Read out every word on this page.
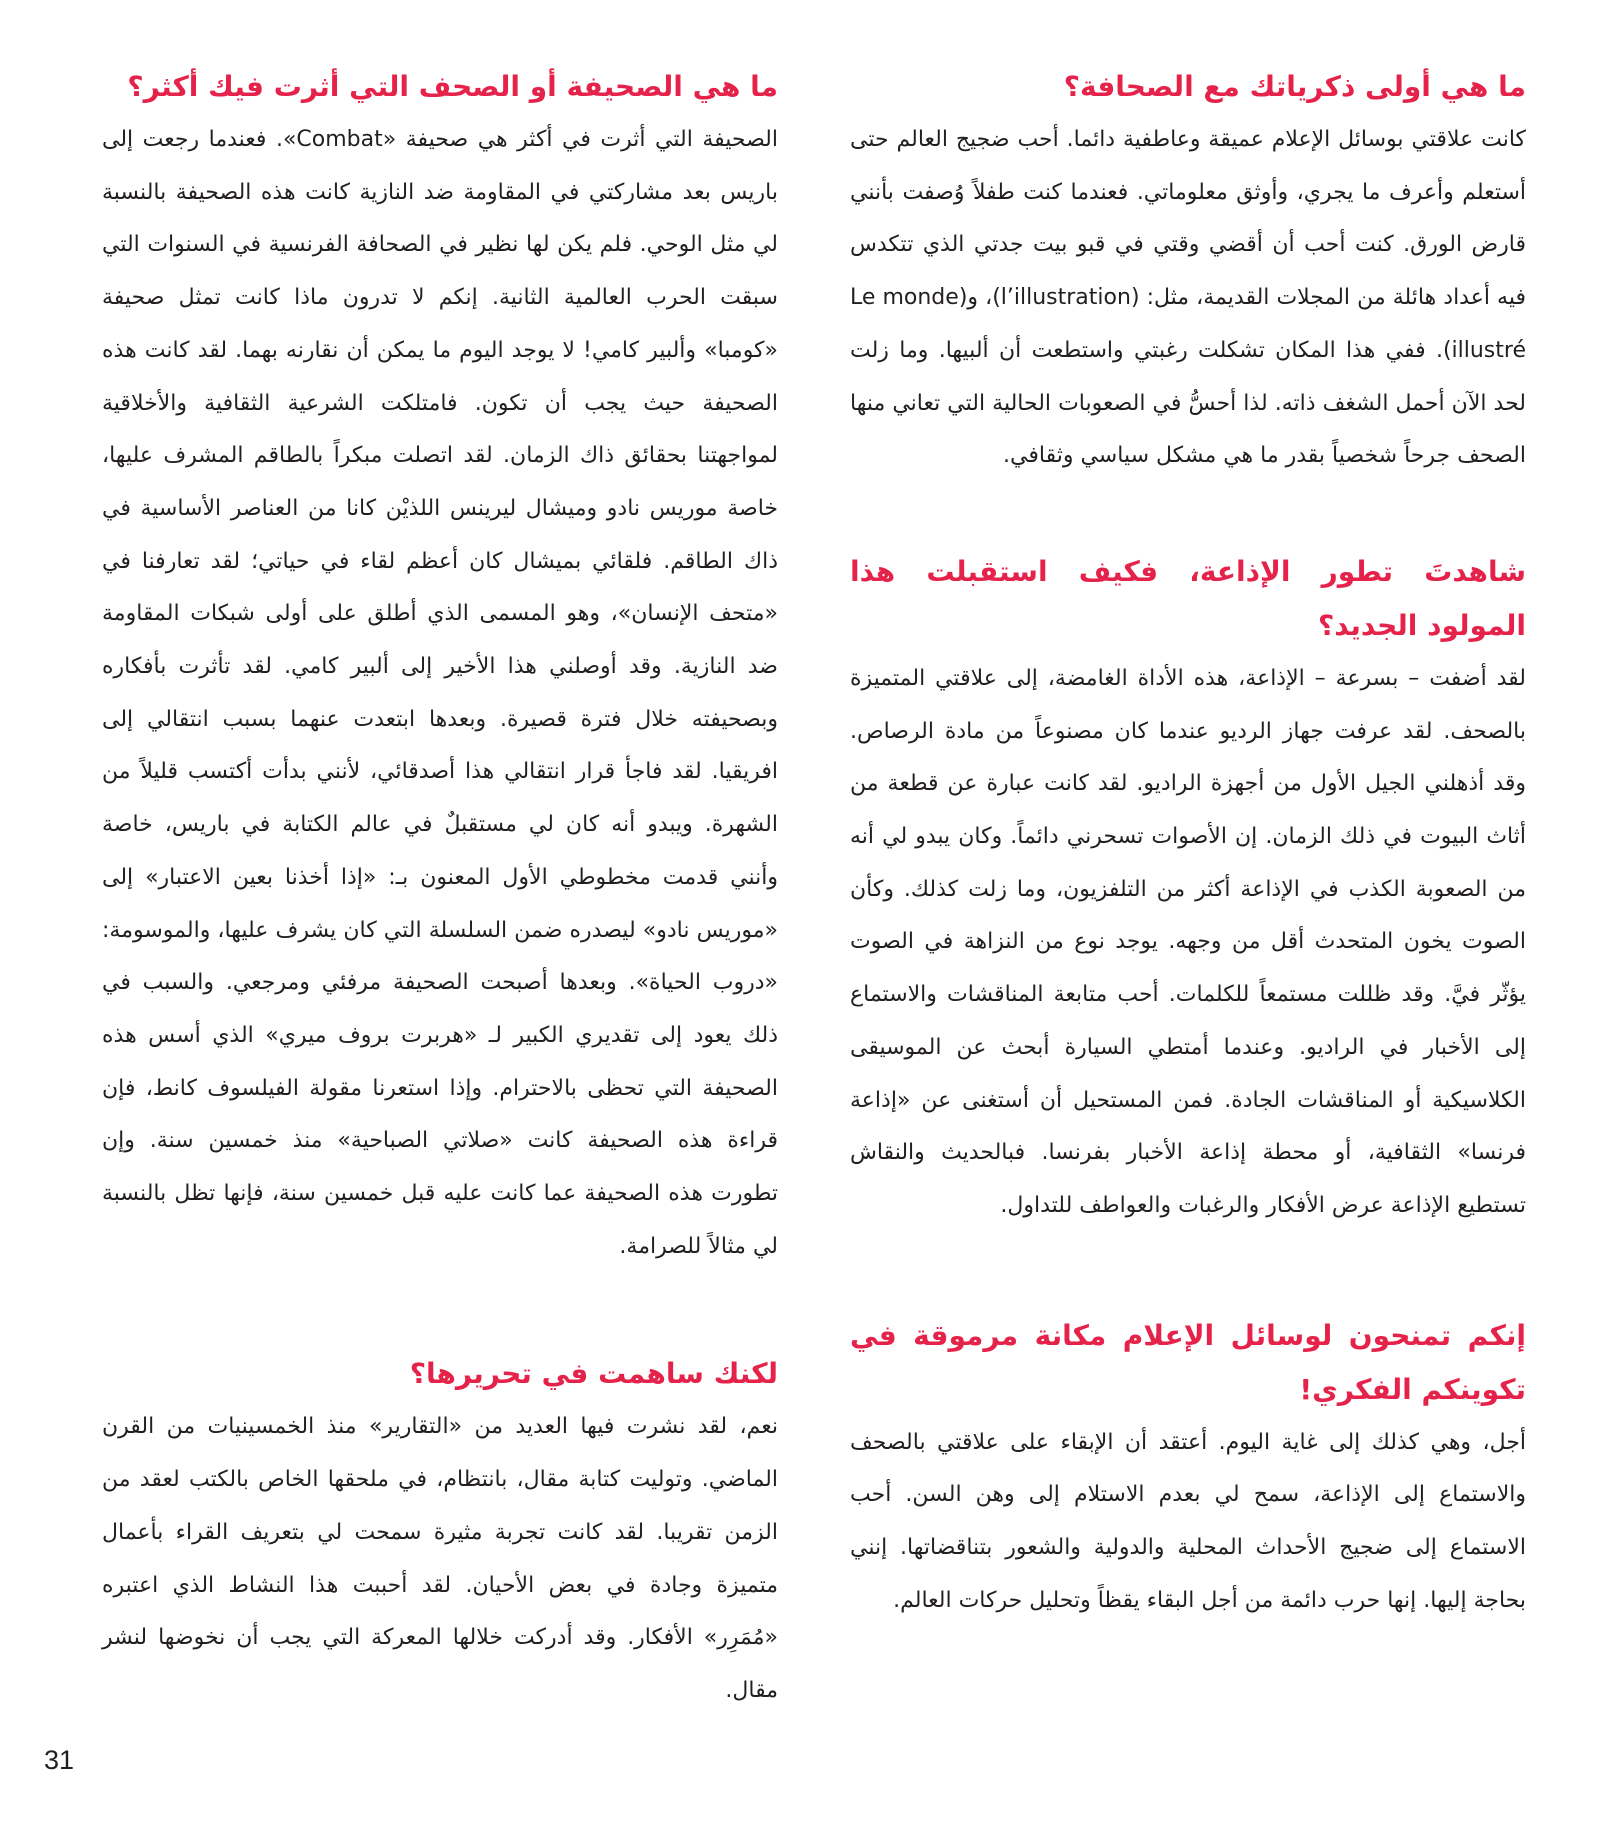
ما هي أولى ذكرياتك مع الصحافة؟

كانت علاقتي بوسائل الإعلام عميقة وعاطفية دائما. أحب ضجيج العالم حتى أستعلم وأعرف ما يجري، وأوثق معلوماتي. فعندما كنت طفلاً وُصفت بأنني قارض الورق. كنت أحب أن أقضي وقتي في قبو بيت جدتي الذي تتكدس فيه أعداد هائلة من المجلات القديمة، مثل: (l’illustration)، و(Le monde illustré). ففي هذا المكان تشكلت رغبتي واستطعت أن ألبيها. وما زلت لحد الآن أحمل الشغف ذاته. لذا أحسُّ في الصعوبات الحالية التي تعاني منها الصحف جرحاً شخصياً بقدر ما هي مشكل سياسي وثقافي.

شاهدتَ تطور الإذاعة، فكيف استقبلت هذا المولود الجديد؟

لقد أضفت – بسرعة – الإذاعة، هذه الأداة الغامضة، إلى علاقتي المتميزة بالصحف. لقد عرفت جهاز الرديو عندما كان مصنوعاً من مادة الرصاص. وقد أذهلني الجيل الأول من أجهزة الراديو. لقد كانت عبارة عن قطعة من أثاث البيوت في ذلك الزمان. إن الأصوات تسحرني دائماً. وكان يبدو لي أنه من الصعوبة الكذب في الإذاعة أكثر من التلفزيون، وما زلت كذلك. وكأن الصوت يخون المتحدث أقل من وجهه. يوجد نوع من النزاهة في الصوت يؤثّر فيَّ. وقد ظللت مستمعاً للكلمات. أحب متابعة المناقشات والاستماع إلى الأخبار في الراديو. وعندما أمتطي السيارة أبحث عن الموسيقى الكلاسيكية أو المناقشات الجادة. فمن المستحيل أن أستغنى عن «إذاعة فرنسا» الثقافية، أو محطة إذاعة الأخبار بفرنسا. فبالحديث والنقاش تستطيع الإذاعة عرض الأفكار والرغبات والعواطف للتداول.

إنكم تمنحون لوسائل الإعلام مكانة مرموقة في تكوينكم الفكري!

أجل، وهي كذلك إلى غاية اليوم. أعتقد أن الإبقاء على علاقتي بالصحف والاستماع إلى الإذاعة، سمح لي بعدم الاستلام إلى وهن السن. أحب الاستماع إلى ضجيج الأحداث المحلية والدولية والشعور بتناقضاتها. إنني بحاجة إليها. إنها حرب دائمة من أجل البقاء يقظاً وتحليل حركات العالم.

ما هي الصحيفة أو الصحف التي أثرت فيك أكثر؟

الصحيفة التي أثرت في أكثر هي صحيفة «Combat». فعندما رجعت إلى باريس بعد مشاركتي في المقاومة ضد النازية كانت هذه الصحيفة بالنسبة لي مثل الوحي. فلم يكن لها نظير في الصحافة الفرنسية في السنوات التي سبقت الحرب العالمية الثانية. إنكم لا تدرون ماذا كانت تمثل صحيفة «كومبا» وألبير كامي! لا يوجد اليوم ما يمكن أن نقارنه بهما. لقد كانت هذه الصحيفة حيث يجب أن تكون. فامتلكت الشرعية الثقافية والأخلاقية لمواجهتنا بحقائق ذاك الزمان. لقد اتصلت مبكراً بالطاقم المشرف عليها، خاصة موريس نادو وميشال ليرينس اللذيْن كانا من العناصر الأساسية في ذاك الطاقم. فلقائي بميشال كان أعظم لقاء في حياتي؛ لقد تعارفنا في «متحف الإنسان»، وهو المسمى الذي أطلق على أولى شبكات المقاومة ضد النازية. وقد أوصلني هذا الأخير إلى ألبير كامي. لقد تأثرت بأفكاره وبصحيفته خلال فترة قصيرة. وبعدها ابتعدت عنهما بسبب انتقالي إلى افريقيا. لقد فاجأ قرار انتقالي هذا أصدقائي، لأنني بدأت أكتسب قليلاً من الشهرة. ويبدو أنه كان لي مستقبلٌ في عالم الكتابة في باريس، خاصة وأنني قدمت مخطوطي الأول المعنون بـ: «إذا أخذنا بعين الاعتبار» إلى «موريس نادو» ليصدره ضمن السلسلة التي كان يشرف عليها، والموسومة: «دروب الحياة». وبعدها أصبحت الصحيفة مرفئي ومرجعي. والسبب في ذلك يعود إلى تقديري الكبير لـ «هربرت بروف ميري» الذي أسس هذه الصحيفة التي تحظى بالاحترام. وإذا استعرنا مقولة الفيلسوف كانط، فإن قراءة هذه الصحيفة كانت «صلاتي الصباحية» منذ خمسين سنة. وإن تطورت هذه الصحيفة عما كانت عليه قبل خمسين سنة، فإنها تظل بالنسبة لي مثالاً للصرامة.

لكنك ساهمت في تحريرها؟

نعم، لقد نشرت فيها العديد من «التقارير» منذ الخمسينيات من القرن الماضي. وتوليت كتابة مقال، بانتظام، في ملحقها الخاص بالكتب لعقد من الزمن تقريبا. لقد كانت تجربة مثيرة سمحت لي بتعريف القراء بأعمال متميزة وجادة في بعض الأحيان. لقد أحببت هذا النشاط الذي اعتبره «مُمَرِر» الأفكار. وقد أدركت خلالها المعركة التي يجب أن نخوضها لنشر مقال.

31
